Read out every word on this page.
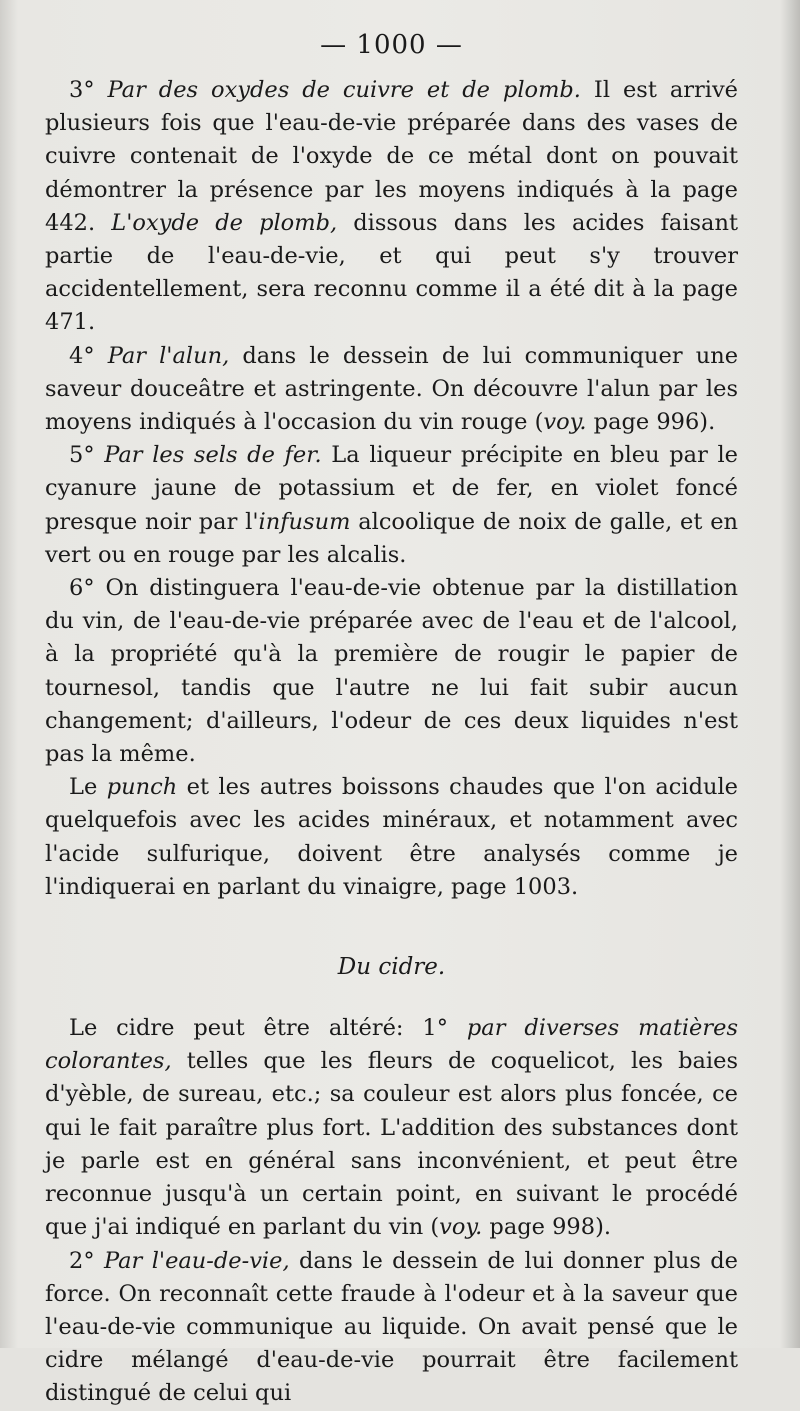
— 1000 —

3° Par des oxydes de cuivre et de plomb. Il est arrivé plusieurs fois que l'eau-de-vie préparée dans des vases de cuivre contenait de l'oxyde de ce métal dont on pouvait démontrer la présence par les moyens indiqués à la page 442. L'oxyde de plomb, dissous dans les acides faisant partie de l'eau-de-vie, et qui peut s'y trouver accidentellement, sera reconnu comme il a été dit à la page 471.

4° Par l'alun, dans le dessein de lui communiquer une saveur douceâtre et astringente. On découvre l'alun par les moyens indiqués à l'occasion du vin rouge (voy. page 996).

5° Par les sels de fer. La liqueur précipite en bleu par le cyanure jaune de potassium et de fer, en violet foncé presque noir par l'infusum alcoolique de noix de galle, et en vert ou en rouge par les alcalis.

6° On distinguera l'eau-de-vie obtenue par la distillation du vin, de l'eau-de-vie préparée avec de l'eau et de l'alcool, à la propriété qu'à la première de rougir le papier de tournesol, tandis que l'autre ne lui fait subir aucun changement; d'ailleurs, l'odeur de ces deux liquides n'est pas la même.

Le punch et les autres boissons chaudes que l'on acidule quelquefois avec les acides minéraux, et notamment avec l'acide sulfurique, doivent être analysés comme je l'indiquerai en parlant du vinaigre, page 1003.

Du cidre.

Le cidre peut être altéré: 1° par diverses matières colorantes, telles que les fleurs de coquelicot, les baies d'yèble, de sureau, etc.; sa couleur est alors plus foncée, ce qui le fait paraître plus fort. L'addition des substances dont je parle est en général sans inconvénient, et peut être reconnue jusqu'à un certain point, en suivant le procédé que j'ai indiqué en parlant du vin (voy. page 998).

2° Par l'eau-de-vie, dans le dessein de lui donner plus de force. On reconnaît cette fraude à l'odeur et à la saveur que l'eau-de-vie communique au liquide. On avait pensé que le cidre mélangé d'eau-de-vie pourrait être facilement distingué de celui qui
